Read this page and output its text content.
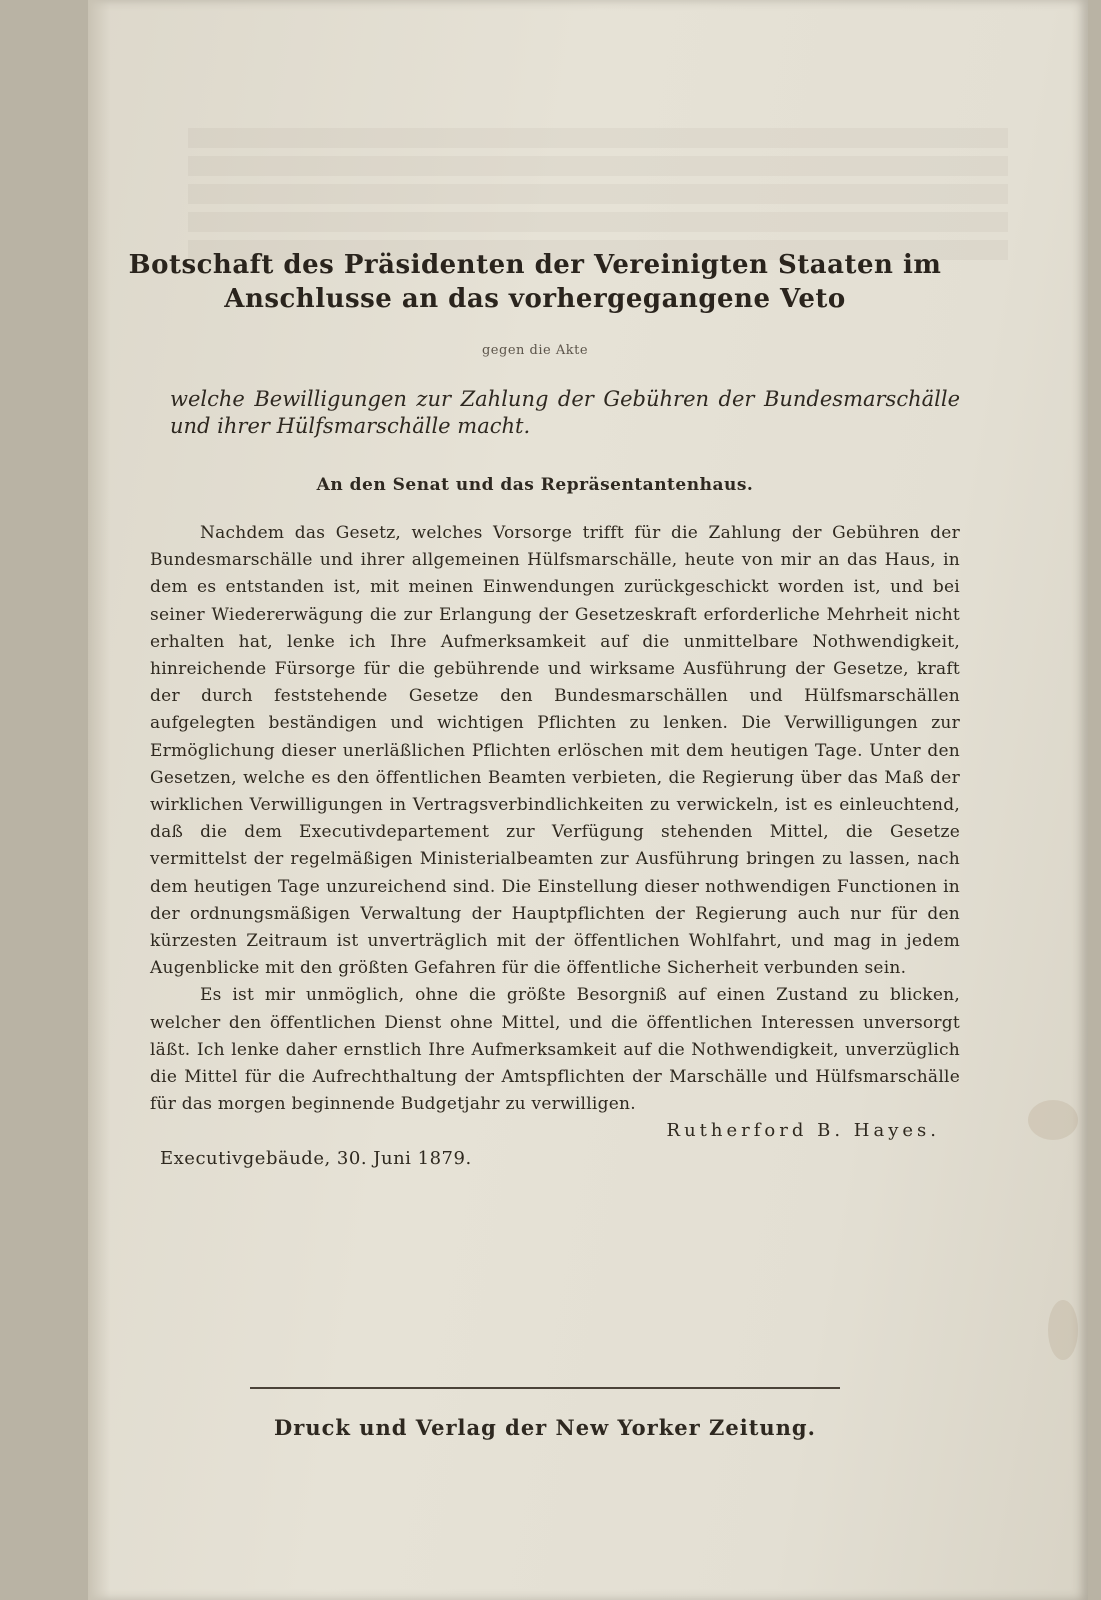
Botschaft des Präsidenten der Vereinigten Staaten im Anschlusse an das vorhergegangene Veto
gegen die Akte
welche Bewilligungen zur Zahlung der Gebühren der Bundesmarschälle und ihrer Hülfsmarschälle macht.
An den Senat und das Repräsentantenhaus.

Nachdem das Gesetz, welches Vorsorge trifft für die Zahlung der Gebühren der Bundesmarschälle und ihrer allgemeinen Hülfsmarschälle, heute von mir an das Haus, in dem es entstanden ist, mit meinen Einwendungen zurückgeschickt worden ist, und bei seiner Wiedererwägung die zur Erlangung der Gesetzeskraft erforderliche Mehrheit nicht erhalten hat, lenke ich Ihre Aufmerksamkeit auf die unmittelbare Nothwendigkeit, hinreichende Fürsorge für die gebührende und wirksame Ausführung der Gesetze, kraft der durch feststehende Gesetze den Bundesmarschällen und Hülfsmarschällen aufgelegten beständigen und wichtigen Pflichten zu lenken. Die Verwilligungen zur Ermöglichung dieser unerläßlichen Pflichten erlöschen mit dem heutigen Tage. Unter den Gesetzen, welche es den öffentlichen Beamten verbieten, die Regierung über das Maß der wirklichen Verwilligungen in Vertragsverbindlichkeiten zu verwickeln, ist es einleuchtend, daß die dem Executivdepartement zur Verfügung stehenden Mittel, die Gesetze vermittelst der regelmäßigen Ministerialbeamten zur Ausführung bringen zu lassen, nach dem heutigen Tage unzureichend sind. Die Einstellung dieser nothwendigen Functionen in der ordnungsmäßigen Verwaltung der Hauptpflichten der Regierung auch nur für den kürzesten Zeitraum ist unverträglich mit der öffentlichen Wohlfahrt, und mag in jedem Augenblicke mit den größten Gefahren für die öffentliche Sicherheit verbunden sein.

Es ist mir unmöglich, ohne die größte Besorgniß auf einen Zustand zu blicken, welcher den öffentlichen Dienst ohne Mittel, und die öffentlichen Interessen unversorgt läßt. Ich lenke daher ernstlich Ihre Aufmerksamkeit auf die Nothwendigkeit, unverzüglich die Mittel für die Aufrechthaltung der Amtspflichten der Marschälle und Hülfsmarschälle für das morgen beginnende Budgetjahr zu verwilligen.

Rutherford B. Hayes.
Executivgebäude, 30. Juni 1879.
Druck und Verlag der New Yorker Zeitung.
